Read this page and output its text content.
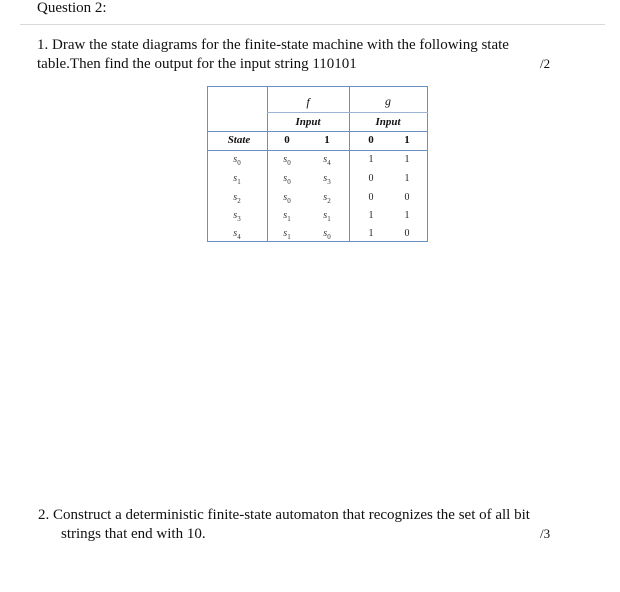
Question 2:
1. Draw the state diagrams for the finite-state machine with the following state
table.Then find the output for the input string 110101	/2
f	g
Input	Input
State	0	1	0	1
$s_0$	$s_0$	$s_4$	1	1
$s_1$	$s_0$	$s_3$	0	1
$s_2$	$s_0$	$s_2$	0	0
$s_3$	$s_1$	$s_1$	1	1
$s_4$	$s_1$	$s_0$	1	0
2. Construct a deterministic finite-state automaton that recognizes the set of all bit
strings that end with 10.	/3
